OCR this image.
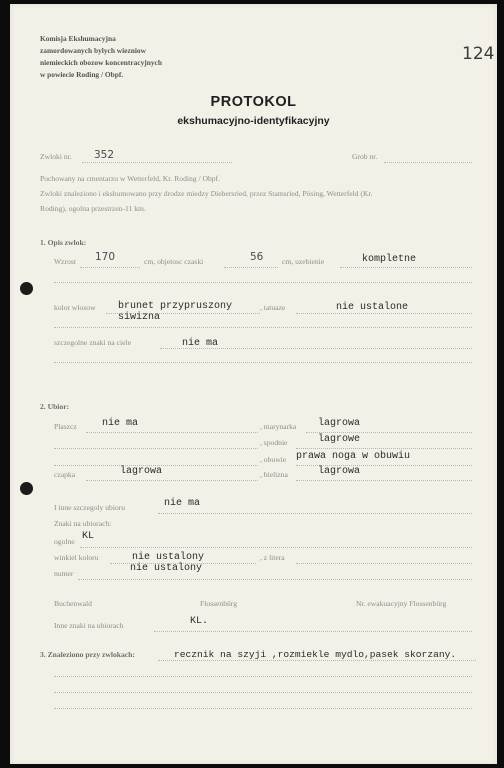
Komisja Ekshumacyjna
zamordowanych bylych wiezniow
niemieckich obozow koncentracyjnych
w powiecie Roding / Obpf.
124
PROTOKOL
ekshumacyjno-identyfikacyjny
Zwloki nr. 352	Grob nr.
Pochowany na cmentarzu w Wetterfeld, Kr. Roding / Obpf.
Zwloki znaleziono i ekshumowano przy drodze miedzy Diebersried, przez Stamsried, Pösing, Wetterfeld (Kr.
Roding), ogolna przestrzen-11 km.
1. Opis zwlok:
Wzrost 170	cm, objetosc czaski	56 cm, uzebienie	kompletne
kolor wlosow brunet przypruszony
siwizna
, tatuaze	nie ustalone
szczegolne znaki na ciele	nie ma
2. Ubior:
Plaszcz	nie ma	, marynarka lagrowa
, spodnie	lagrowe
, obuwie prawa noga w obuwiu
czapka	lagrowa	, bielizna	lagrowa
I inne szczegoly ubioru	nie ma
Znaki na ubiorach:
ogolne KL
winkiel koloru	nie ustalony	, z litera
numer	nie ustalony
Buchenwald	Flossenbürg	Nr. ewakuacyjny Flossenbürg
Inne znaki na ubiorach	KL.
3. Znaleziono przy zwlokach:	recznik na szyji ,rozmiekle mydlo,pasek skorzany.
